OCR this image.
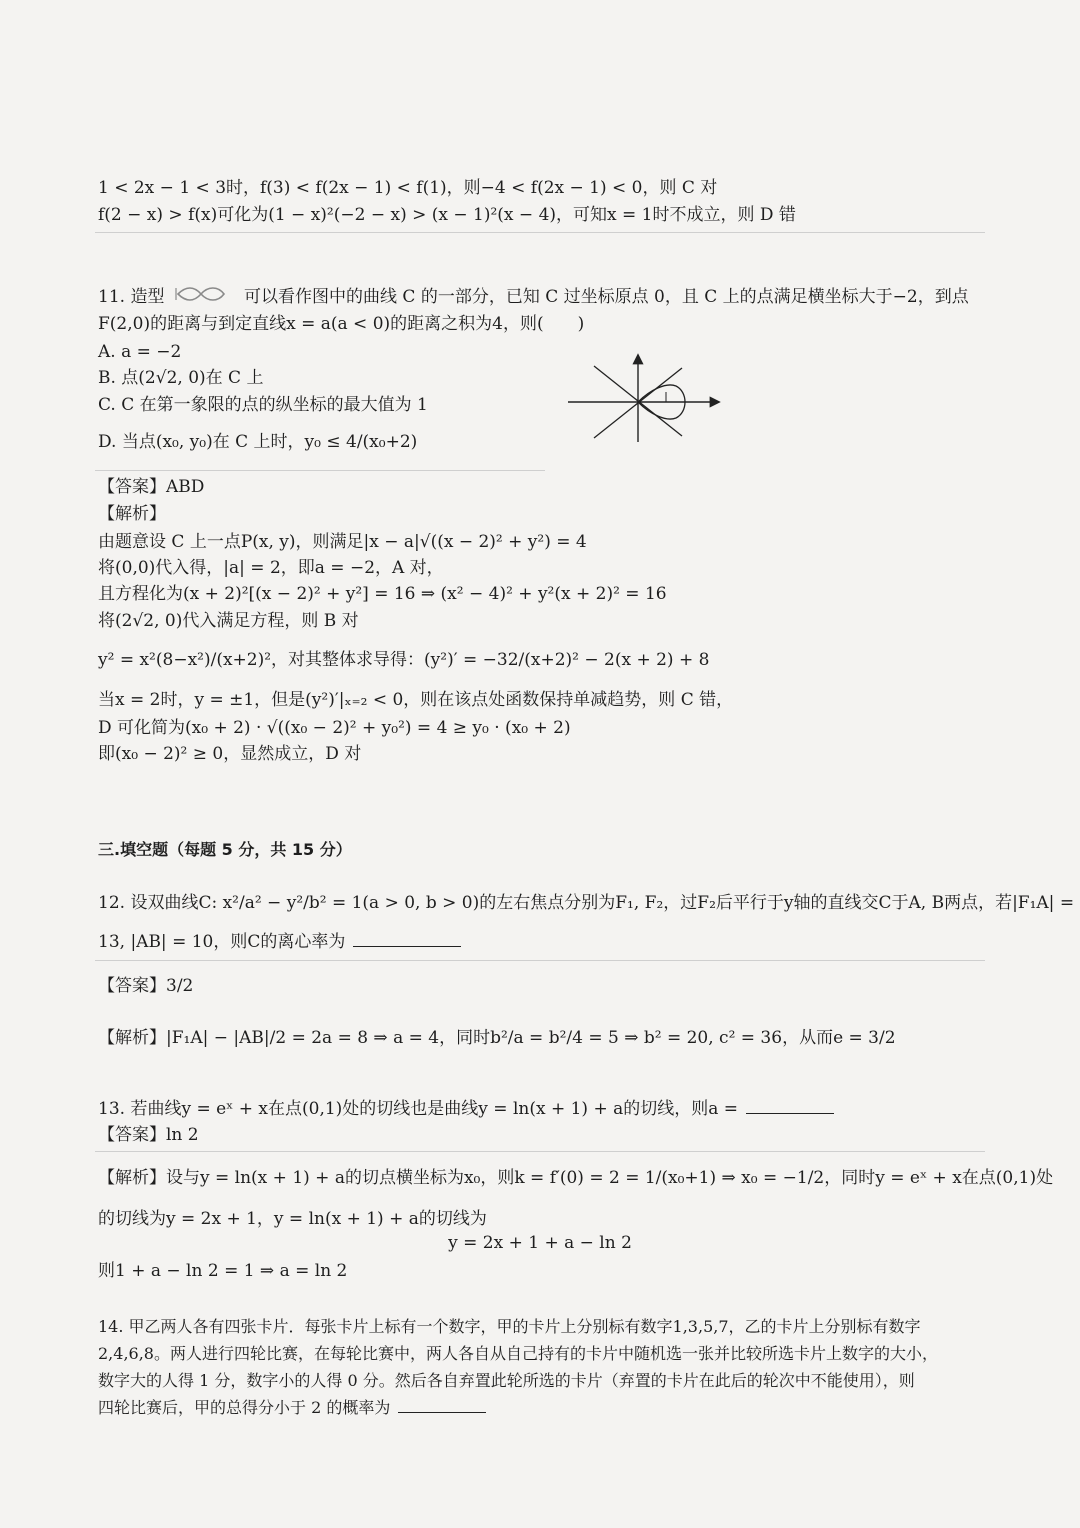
1 < 2x − 1 < 3时，f(3) < f(2x − 1) < f(1)，则−4 < f(2x − 1) < 0，则 C 对
f(2 − x) > f(x)可化为(1 − x)²(−2 − x) > (x − 1)²(x − 4)，可知x = 1时不成立，则 D 错
11. 造型	可以看作图中的曲线 C 的一部分，已知 C 过坐标原点 0，且 C 上的点满足横坐标大于−2，到点
F(2,0)的距离与到定直线x = a(a < 0)的距离之积为4，则(　　)
A. a = −2
B. 点(2√2, 0)在 C 上
C. C 在第一象限的点的纵坐标的最大值为 1
D. 当点(x₀, y₀)在 C 上时，y₀ ≤ 4/(x₀+2)
【答案】ABD
【解析】
由题意设 C 上一点P(x, y)，则满足|x − a|√((x − 2)² + y²) = 4
将(0,0)代入得，|a| = 2，即a = −2，A 对，
且方程化为(x + 2)²[(x − 2)² + y²] = 16 ⇒ (x² − 4)² + y²(x + 2)² = 16
将(2√2, 0)代入满足方程，则 B 对
y² = x²(8−x²)/(x+2)²，对其整体求导得：(y²)′ = −32/(x+2)² − 2(x + 2) + 8
当x = 2时，y = ±1，但是(y²)′|ₓ₌₂ < 0，则在该点处函数保持单减趋势，则 C 错，
D 可化简为(x₀ + 2) · √((x₀ − 2)² + y₀²) = 4 ≥ y₀ · (x₀ + 2)
即(x₀ − 2)² ≥ 0，显然成立，D 对
三.填空题（每题 5 分，共 15 分）
12. 设双曲线C: x²/a² − y²/b² = 1(a > 0, b > 0)的左右焦点分别为F₁, F₂，过F₂后平行于y轴的直线交C于A, B两点，若|F₁A| =
13, |AB| = 10，则C的离心率为
【答案】3/2
【解析】|F₁A| − |AB|/2 = 2a = 8 ⇒ a = 4，同时b²/a = b²/4 = 5 ⇒ b² = 20, c² = 36，从而e = 3/2
13. 若曲线y = eˣ + x在点(0,1)处的切线也是曲线y = ln(x + 1) + a的切线，则a =
【答案】ln 2
【解析】设与y = ln(x + 1) + a的切点横坐标为x₀，则k = f′(0) = 2 = 1/(x₀+1) ⇒ x₀ = −1/2，同时y = eˣ + x在点(0,1)处
的切线为y = 2x + 1，y = ln(x + 1) + a的切线为
y = 2x + 1 + a − ln 2
则1 + a − ln 2 = 1 ⇒ a = ln 2
14. 甲乙两人各有四张卡片．每张卡片上标有一个数字，甲的卡片上分别标有数字1,3,5,7，乙的卡片上分别标有数字
2,4,6,8。两人进行四轮比赛，在每轮比赛中，两人各自从自己持有的卡片中随机选一张并比较所选卡片上数字的大小，
数字大的人得 1 分，数字小的人得 0 分。然后各自弃置此轮所选的卡片（弃置的卡片在此后的轮次中不能使用），则
四轮比赛后，甲的总得分小于 2 的概率为
